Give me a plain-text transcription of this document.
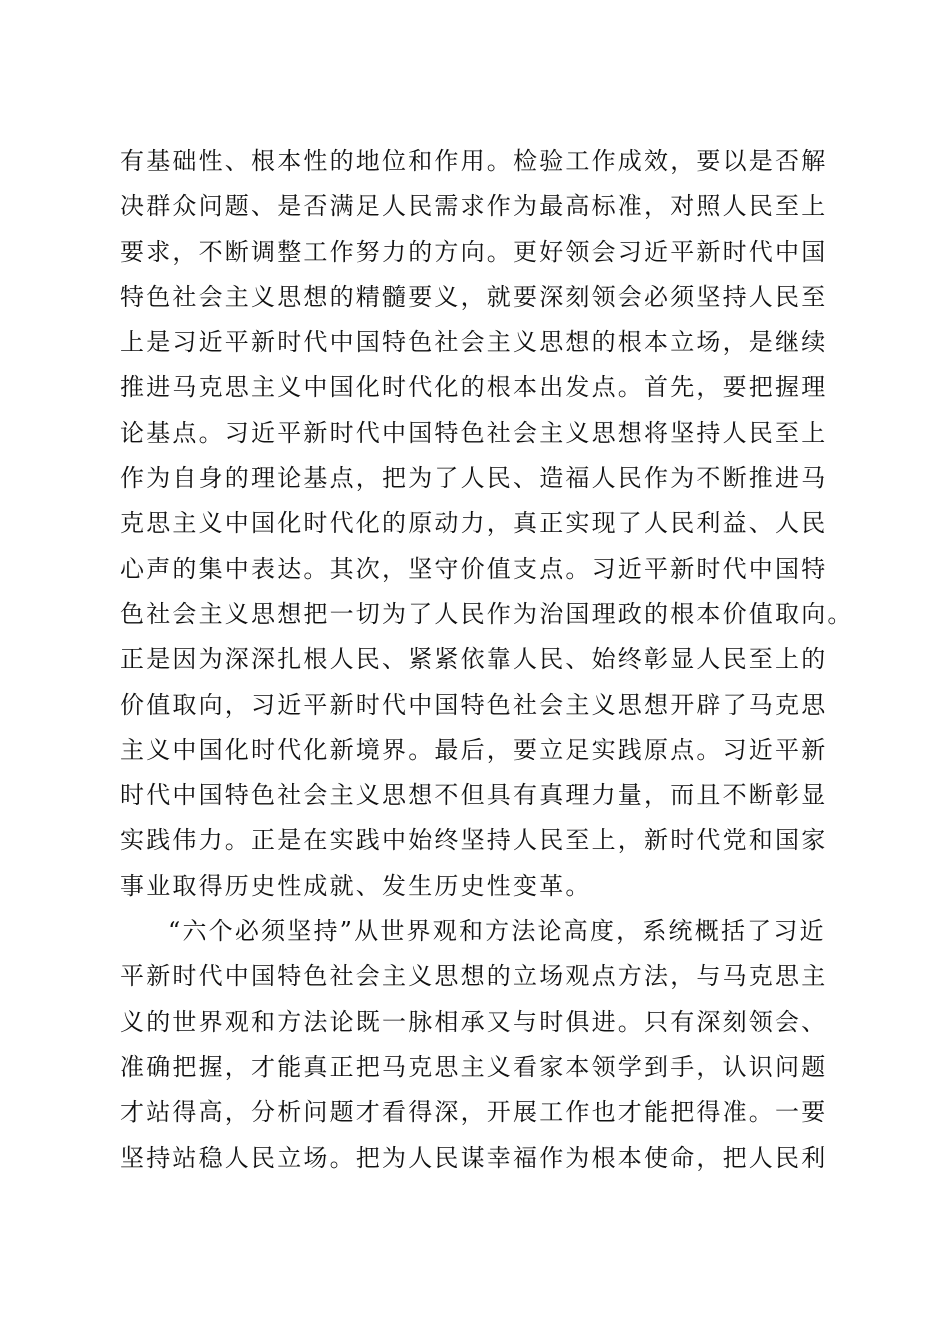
有基础性、根本性的地位和作用。检验工作成效，要以是否解
决群众问题、是否满足人民需求作为最高标准，对照人民至上
要求，不断调整工作努力的方向。更好领会习近平新时代中国
特色社会主义思想的精髓要义，就要深刻领会必须坚持人民至
上是习近平新时代中国特色社会主义思想的根本立场，是继续
推进马克思主义中国化时代化的根本出发点。首先，要把握理
论基点。习近平新时代中国特色社会主义思想将坚持人民至上
作为自身的理论基点，把为了人民、造福人民作为不断推进马
克思主义中国化时代化的原动力，真正实现了人民利益、人民
心声的集中表达。其次，坚守价值支点。习近平新时代中国特
色社会主义思想把一切为了人民作为治国理政的根本价值取向。
正是因为深深扎根人民、紧紧依靠人民、始终彰显人民至上的
价值取向，习近平新时代中国特色社会主义思想开辟了马克思
主义中国化时代化新境界。最后，要立足实践原点。习近平新
时代中国特色社会主义思想不但具有真理力量，而且不断彰显
实践伟力。正是在实践中始终坚持人民至上，新时代党和国家
事业取得历史性成就、发生历史性变革。
“六个必须坚持”从世界观和方法论高度，系统概括了习近
平新时代中国特色社会主义思想的立场观点方法，与马克思主
义的世界观和方法论既一脉相承又与时俱进。只有深刻领会、
准确把握，才能真正把马克思主义看家本领学到手，认识问题
才站得高，分析问题才看得深，开展工作也才能把得准。一要
坚持站稳人民立场。把为人民谋幸福作为根本使命，把人民利
